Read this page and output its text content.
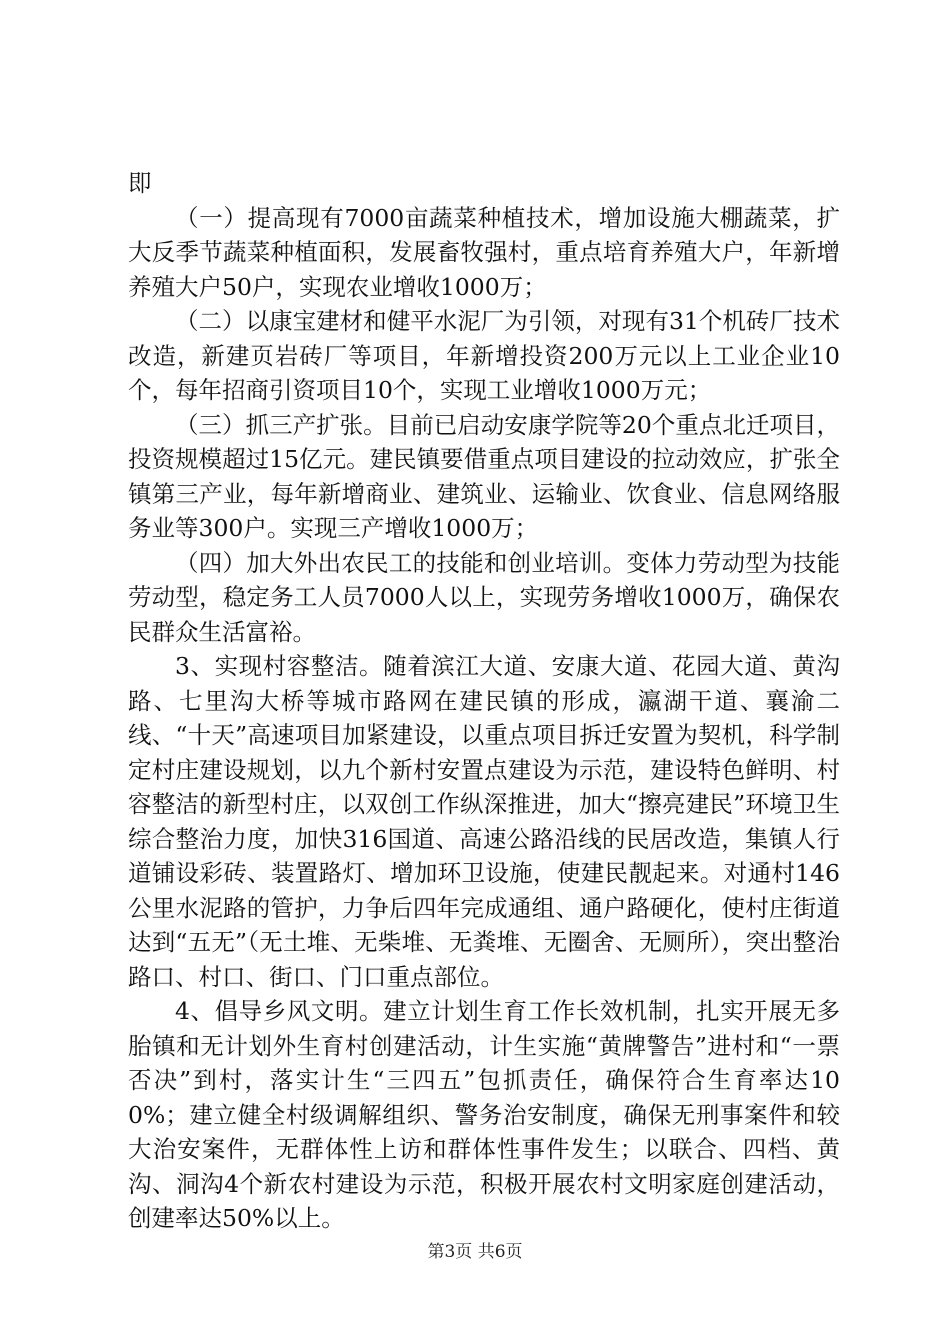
即

（一）提高现有7000亩蔬菜种植技术，增加设施大棚蔬菜，扩大反季节蔬菜种植面积，发展畜牧强村，重点培育养殖大户，年新增养殖大户50户，实现农业增收1000万；

（二）以康宝建材和健平水泥厂为引领，对现有31个机砖厂技术改造，新建页岩砖厂等项目，年新增投资200万元以上工业企业10个，每年招商引资项目10个，实现工业增收1000万元；

（三）抓三产扩张。目前已启动安康学院等20个重点北迁项目，投资规模超过15亿元。建民镇要借重点项目建设的拉动效应，扩张全镇第三产业，每年新增商业、建筑业、运输业、饮食业、信息网络服务业等300户。实现三产增收1000万；

（四）加大外出农民工的技能和创业培训。变体力劳动型为技能劳动型，稳定务工人员7000人以上，实现劳务增收1000万，确保农民群众生活富裕。

3、实现村容整洁。随着滨江大道、安康大道、花园大道、黄沟路、七里沟大桥等城市路网在建民镇的形成，瀛湖干道、襄渝二线、“十天”高速项目加紧建设，以重点项目拆迁安置为契机，科学制定村庄建设规划，以九个新村安置点建设为示范，建设特色鲜明、村容整洁的新型村庄，以双创工作纵深推进，加大“擦亮建民”环境卫生综合整治力度，加快316国道、高速公路沿线的民居改造，集镇人行道铺设彩砖、装置路灯、增加环卫设施，使建民靓起来。对通村146公里水泥路的管护，力争后四年完成通组、通户路硬化，使村庄街道达到“五无”（无土堆、无柴堆、无粪堆、无圈舍、无厕所），突出整治路口、村口、街口、门口重点部位。

4、倡导乡风文明。建立计划生育工作长效机制，扎实开展无多胎镇和无计划外生育村创建活动，计生实施“黄牌警告”进村和“一票否决”到村，落实计生“三四五”包抓责任，确保符合生育率达100%；建立健全村级调解组织、警务治安制度，确保无刑事案件和较大治安案件，无群体性上访和群体性事件发生；以联合、四档、黄沟、洞沟4个新农村建设为示范，积极开展农村文明家庭创建活动，创建率达50%以上。

第3页 共6页
